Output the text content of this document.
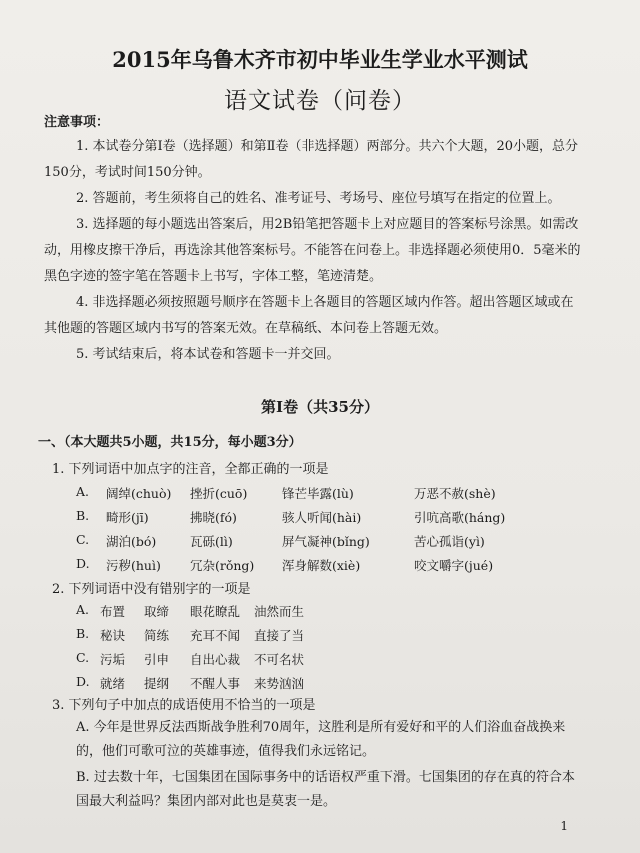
2015年乌鲁木齐市初中毕业生学业水平测试
语文试卷（问卷）
注意事项：
1. 本试卷分第Ⅰ卷（选择题）和第Ⅱ卷（非选择题）两部分。共六个大题，20小题，总分150分，考试时间150分钟。
2. 答题前，考生须将自己的姓名、准考证号、考场号、座位号填写在指定的位置上。
3. 选择题的每小题选出答案后，用2B铅笔把答题卡上对应题目的答案标号涂黑。如需改动，用橡皮擦干净后，再选涂其他答案标号。不能答在问卷上。非选择题必须使用0．5毫米的黑色字迹的签字笔在答题卡上书写，字体工整，笔迹清楚。
4. 非选择题必须按照题号顺序在答题卡上各题目的答题区域内作答。超出答题区域或在其他题的答题区域内书写的答案无效。在草稿纸、本问卷上答题无效。
5. 考试结束后，将本试卷和答题卡一并交回。
第Ⅰ卷（共35分）
一、（本大题共5小题，共15分，每小题3分）
1. 下列词语中加点字的注音，全都正确的一项是
A. 阔绰(chuò) 挫折(cuō)	锋芒毕露(lù)	万恶不赦(shè)
B. 畸形(jī)	拂晓(fó)	骇人听闻(hài)	引吭高歌(háng)
C. 湖泊(bó)	瓦砾(lì)	屏气凝神(bǐng)	苦心孤诣(yì)
D. 污秽(huì) 冗杂(rǒng) 浑身解数(xiè)	咬文嚼字(jué)
2. 下列词语中没有错别字的一项是
A. 布置 取缔 眼花瞭乱 油然而生
B. 秘诀 简练 充耳不闻 直接了当
C. 污垢 引申 自出心裁 不可名状
D. 就绪 提纲 不醒人事 来势汹汹
3. 下列句子中加点的成语使用不恰当的一项是
A. 今年是世界反法西斯战争胜利70周年，这胜利是所有爱好和平的人们浴血奋战换来的，他们可歌可泣的英雄事迹，值得我们永远铭记。
B. 过去数十年，七国集团在国际事务中的话语权严重下滑。七国集团的存在真的符合本国最大利益吗？集团内部对此也是莫衷一是。
1
